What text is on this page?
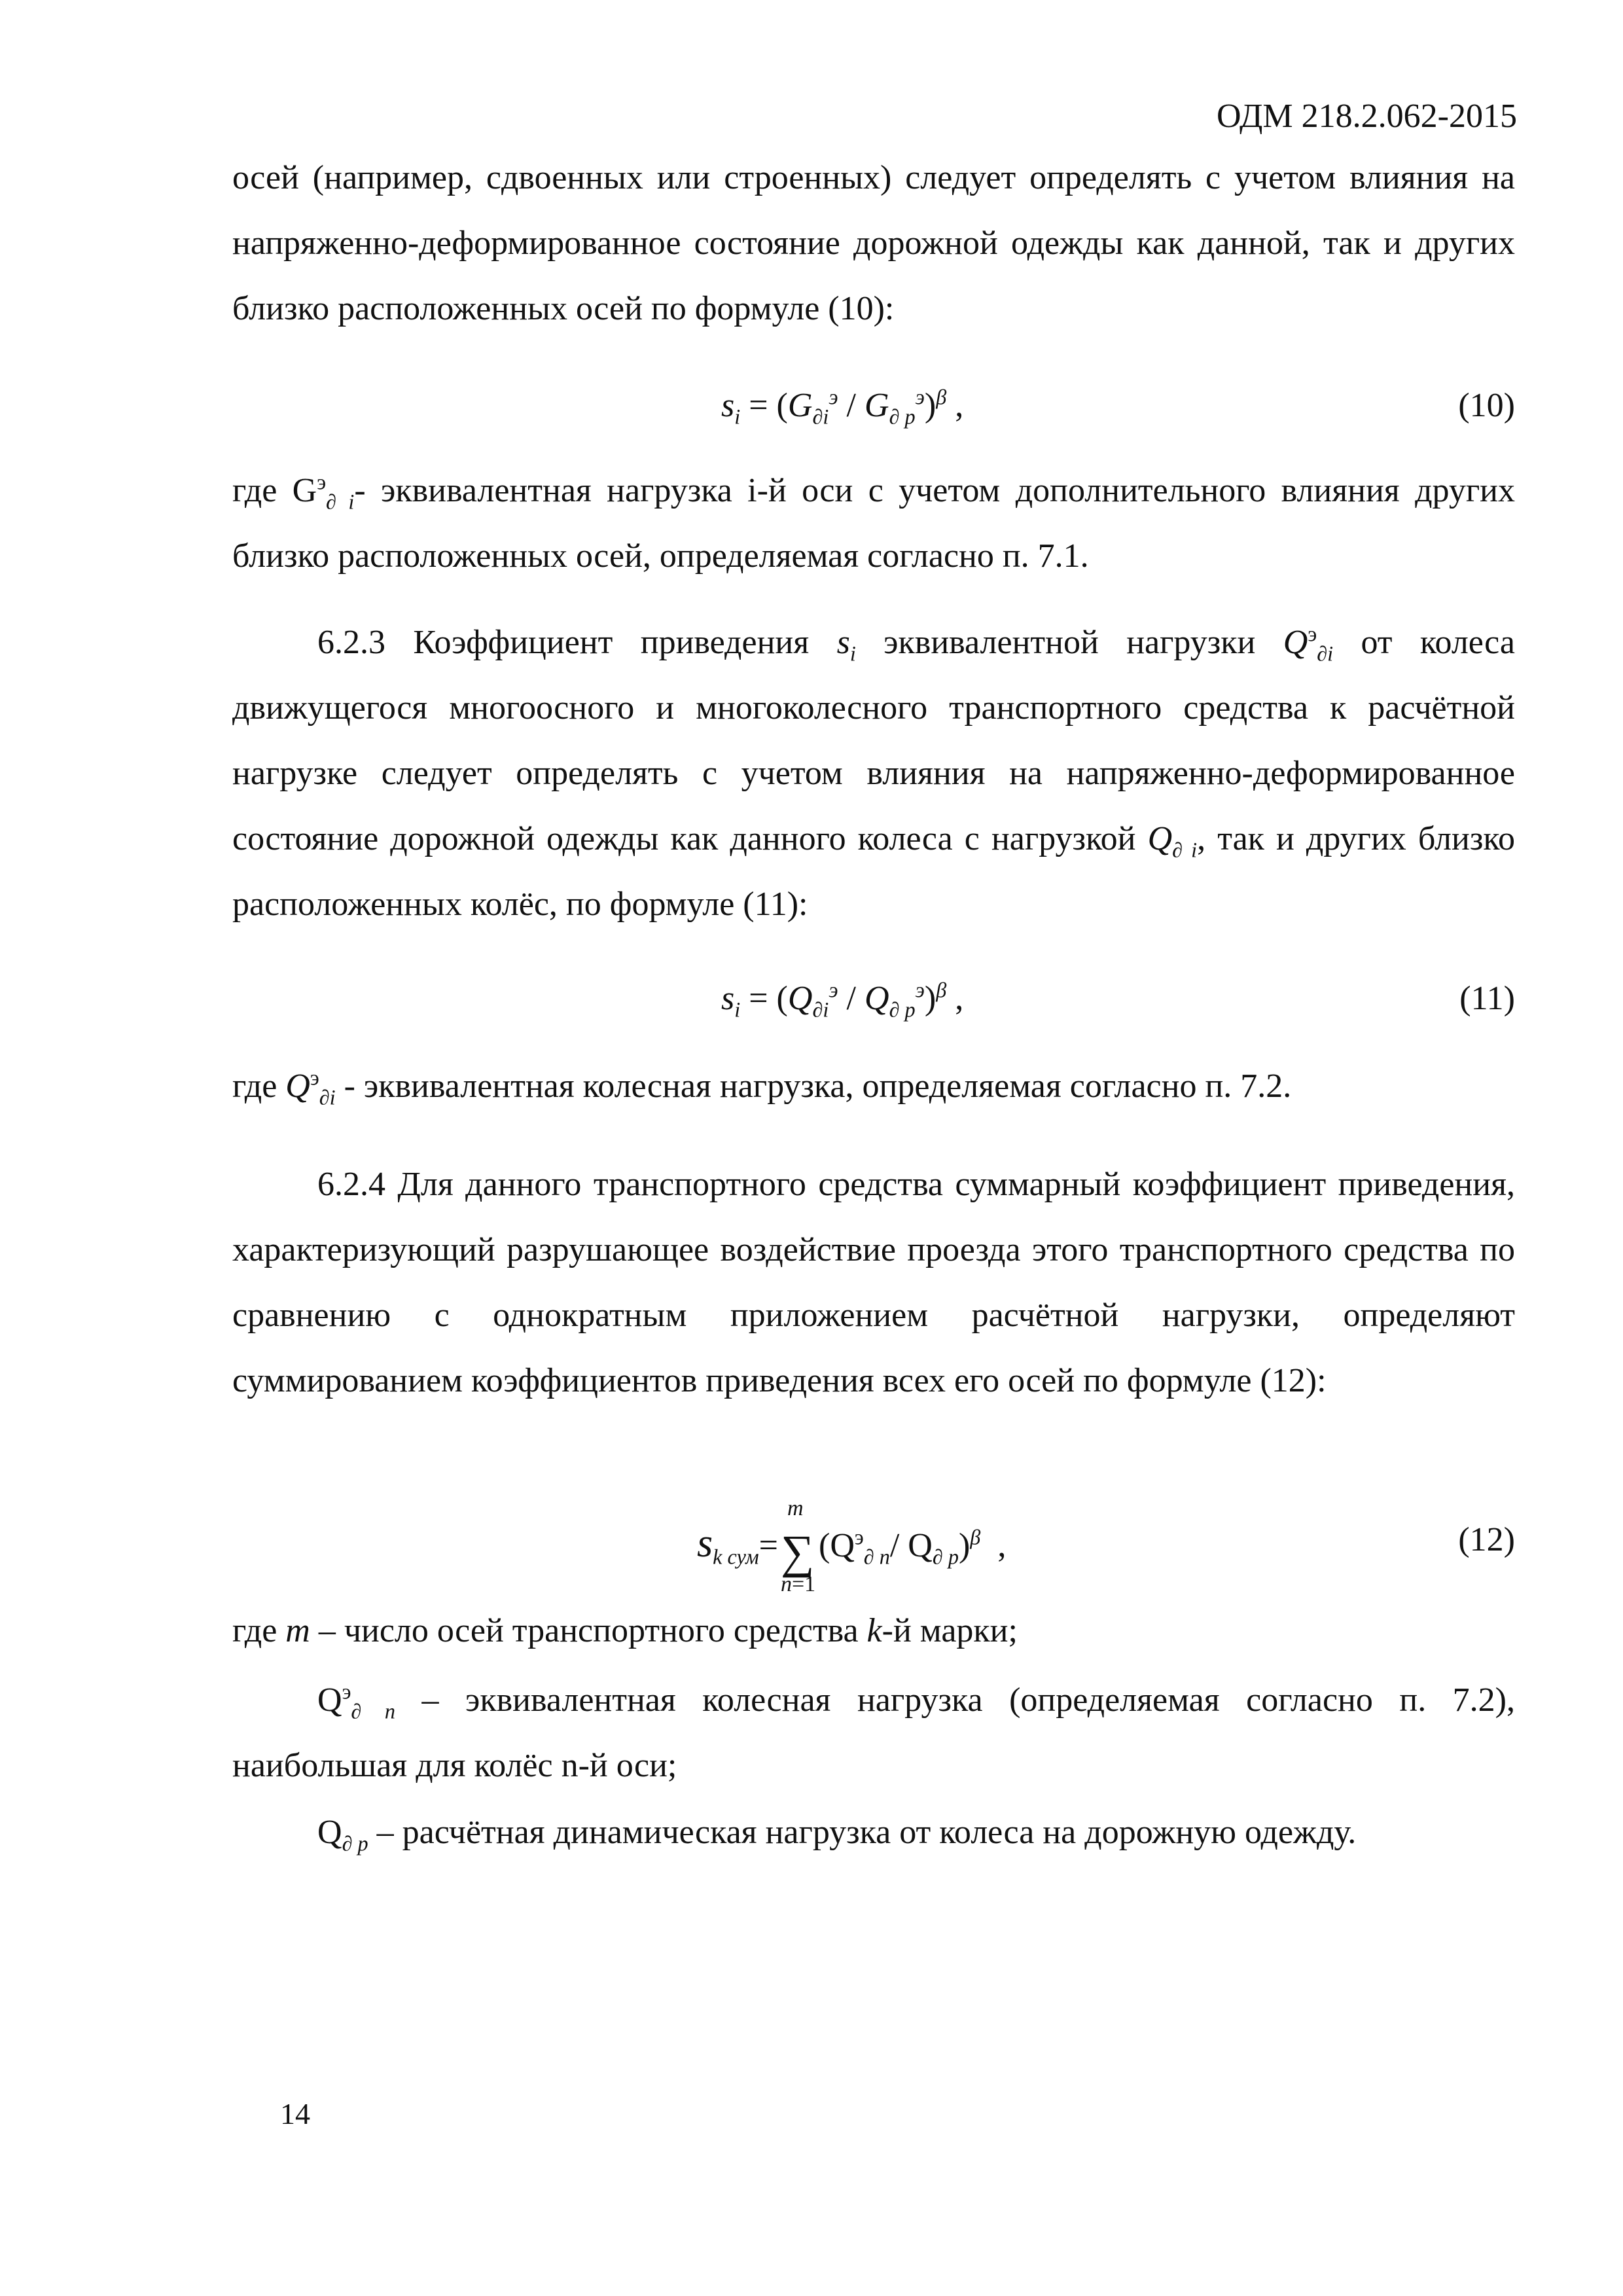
ОДМ 218.2.062-2015

осей (например, сдвоенных или строенных) следует определять с учетом влияния на напряженно-деформированное состояние дорожной одежды как данной, так и других близко расположенных осей по формуле (10):

$s_i = (G_{\partial i}^э / G_{\partial p}^э)^\beta$ ,	(10)

где $G^э_{\partial i}-$ эквивалентная нагрузка i-й оси с учетом дополнительного влияния других близко расположенных осей, определяемая согласно п. 7.1.

6.2.3 Коэффициент приведения $s_i$ эквивалентной нагрузки $Q^э_{\partial i}$ от колеса движущегося многоосного и многоколесного транспортного средства к расчётной нагрузке следует определять с учетом влияния на напряженно-деформированное состояние дорожной одежды как данного колеса с нагрузкой $Q_{\partial i}$, так и других близко расположенных колёс, по формуле (11):

$s_i = (Q_{\partial i}^э / Q_{\partial p}^э)^\beta$ ,	(11)

где $Q^э_{\partial i}$ - эквивалентная колесная нагрузка, определяемая согласно п. 7.2.

6.2.4 Для данного транспортного средства суммарный коэффициент приведения, характеризующий разрушающее воздействие проезда этого транспортного средства по сравнению с однократным приложением расчётной нагрузки, определяют суммированием коэффициентов приведения всех его осей по формуле (12):

$s_{k сум}=$ ∑
m
n=1
($Q^э_{\partial n}/$ $Q_{\partial p})^\beta$  ,	(12)

где m – число осей транспортного средства k-й марки;

$Q^э_{\partial n}$ – эквивалентная колесная нагрузка (определяемая согласно п. 7.2), наибольшая для колёс n-й оси;

$Q_{\partial p}$ – расчётная динамическая нагрузка от колеса на дорожную одежду.

14
